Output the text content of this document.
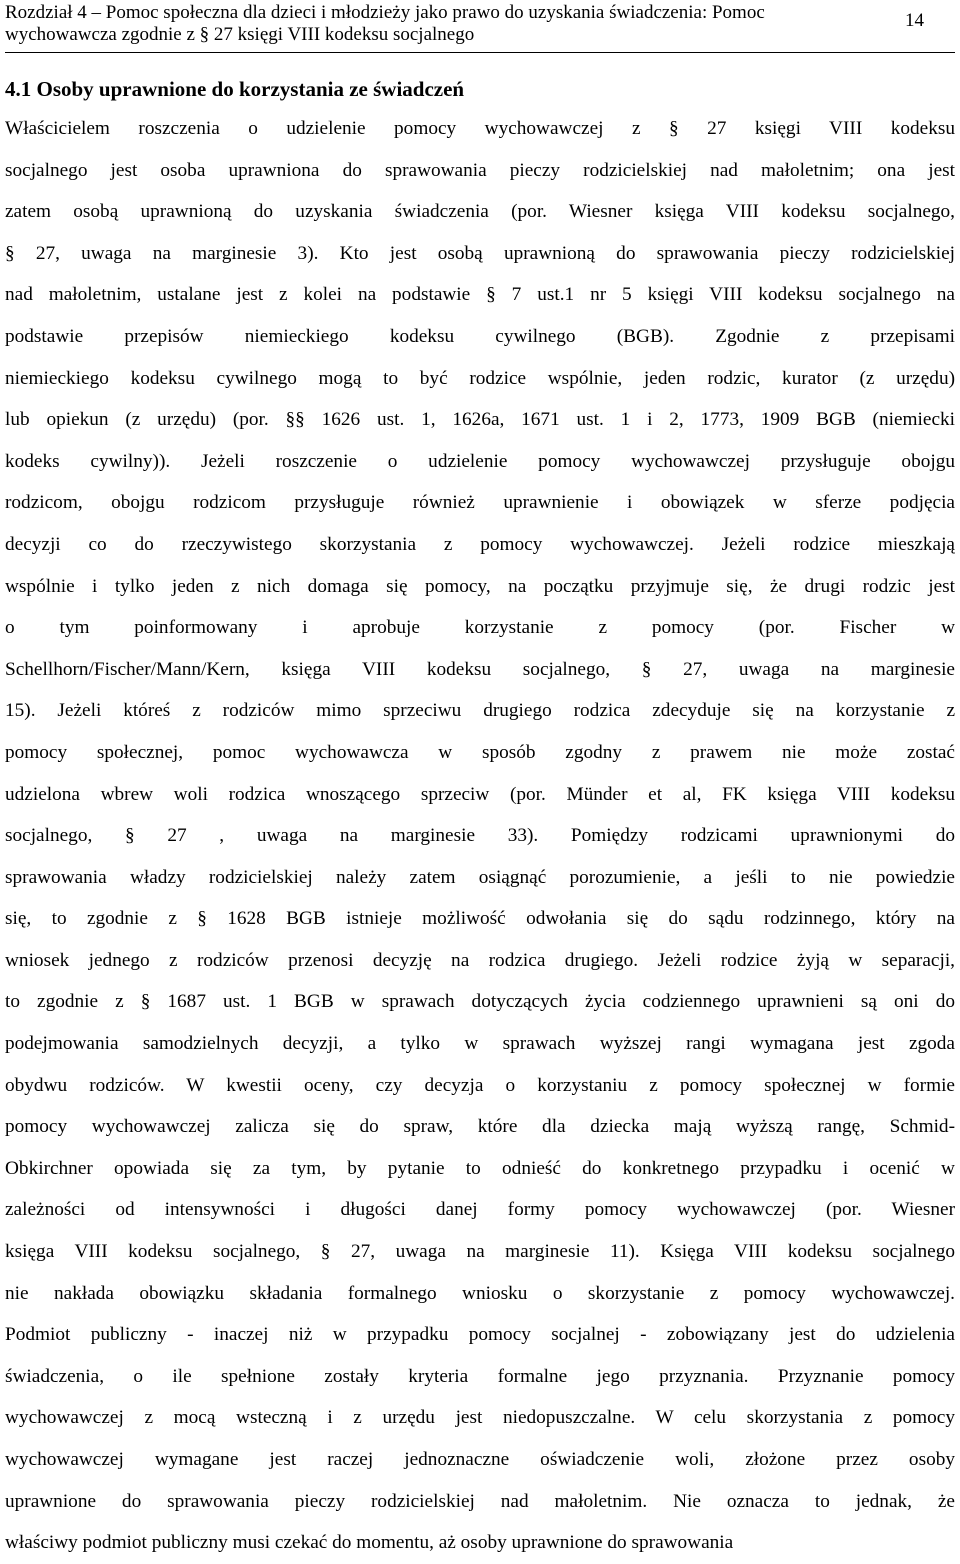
Rozdział 4 – Pomoc społeczna dla dzieci i młodzieży jako prawo do uzyskania świadczenia: Pomoc
wychowawcza zgodnie z § 27 księgi VIII kodeksu socjalnego
14
4.1 Osoby uprawnione do korzystania ze świadczeń
Właścicielem roszczenia o udzielenie pomocy wychowawczej z § 27 księgi VIII kodeksu
socjalnego jest osoba uprawniona do sprawowania pieczy rodzicielskiej nad małoletnim; ona jest
zatem osobą uprawnioną do uzyskania świadczenia (por. Wiesner księga VIII kodeksu socjalnego,
§ 27, uwaga na marginesie 3). Kto jest osobą uprawnioną do sprawowania pieczy rodzicielskiej
nad małoletnim, ustalane jest z kolei na podstawie § 7 ust.1 nr 5 księgi VIII kodeksu socjalnego na
podstawie przepisów niemieckiego kodeksu cywilnego (BGB). Zgodnie z przepisami
niemieckiego kodeksu cywilnego mogą to być rodzice wspólnie, jeden rodzic, kurator (z urzędu)
lub opiekun (z urzędu) (por. §§ 1626 ust. 1, 1626a, 1671 ust. 1 i 2, 1773, 1909 BGB (niemiecki
kodeks cywilny)). Jeżeli roszczenie o udzielenie pomocy wychowawczej przysługuje obojgu
rodzicom, obojgu rodzicom przysługuje również uprawnienie i obowiązek w sferze podjęcia
decyzji co do rzeczywistego skorzystania z pomocy wychowawczej. Jeżeli rodzice mieszkają
wspólnie i tylko jeden z nich domaga się pomocy, na początku przyjmuje się, że drugi rodzic jest
o tym poinformowany i aprobuje korzystanie z pomocy (por. Fischer w
Schellhorn/Fischer/Mann/Kern, księga VIII kodeksu socjalnego, § 27, uwaga na marginesie
15). Jeżeli któreś z rodziców mimo sprzeciwu drugiego rodzica zdecyduje się na korzystanie z
pomocy społecznej, pomoc wychowawcza w sposób zgodny z prawem nie może zostać
udzielona wbrew woli rodzica wnoszącego sprzeciw (por. Münder et al, FK księga VIII kodeksu
socjalnego, § 27 , uwaga na marginesie 33). Pomiędzy rodzicami uprawnionymi do
sprawowania władzy rodzicielskiej należy zatem osiągnąć porozumienie, a jeśli to nie powiedzie
się, to zgodnie z § 1628 BGB istnieje możliwość odwołania się do sądu rodzinnego, który na
wniosek jednego z rodziców przenosi decyzję na rodzica drugiego. Jeżeli rodzice żyją w separacji,
to zgodnie z § 1687 ust. 1 BGB w sprawach dotyczących życia codziennego uprawnieni są oni do
podejmowania samodzielnych decyzji, a tylko w sprawach wyższej rangi wymagana jest zgoda
obydwu rodziców. W kwestii oceny, czy decyzja o korzystaniu z pomocy społecznej w formie
pomocy wychowawczej zalicza się do spraw, które dla dziecka mają wyższą rangę, Schmid-
Obkirchner opowiada się za tym, by pytanie to odnieść do konkretnego przypadku i ocenić w
zależności od intensywności i długości danej formy pomocy wychowawczej (por. Wiesner
księga VIII kodeksu socjalnego, § 27, uwaga na marginesie 11). Księga VIII kodeksu socjalnego
nie nakłada obowiązku składania formalnego wniosku o skorzystanie z pomocy wychowawczej.
Podmiot publiczny - inaczej niż w przypadku pomocy socjalnej - zobowiązany jest do udzielenia
świadczenia, o ile spełnione zostały kryteria formalne jego przyznania. Przyznanie pomocy
wychowawczej z mocą wsteczną i z urzędu jest niedopuszczalne. W celu skorzystania z pomocy
wychowawczej wymagane jest raczej jednoznaczne oświadczenie woli, złożone przez osoby
uprawnione do sprawowania pieczy rodzicielskiej nad małoletnim. Nie oznacza to jednak, że
właściwy podmiot publiczny musi czekać do momentu, aż osoby uprawnione do sprawowania
